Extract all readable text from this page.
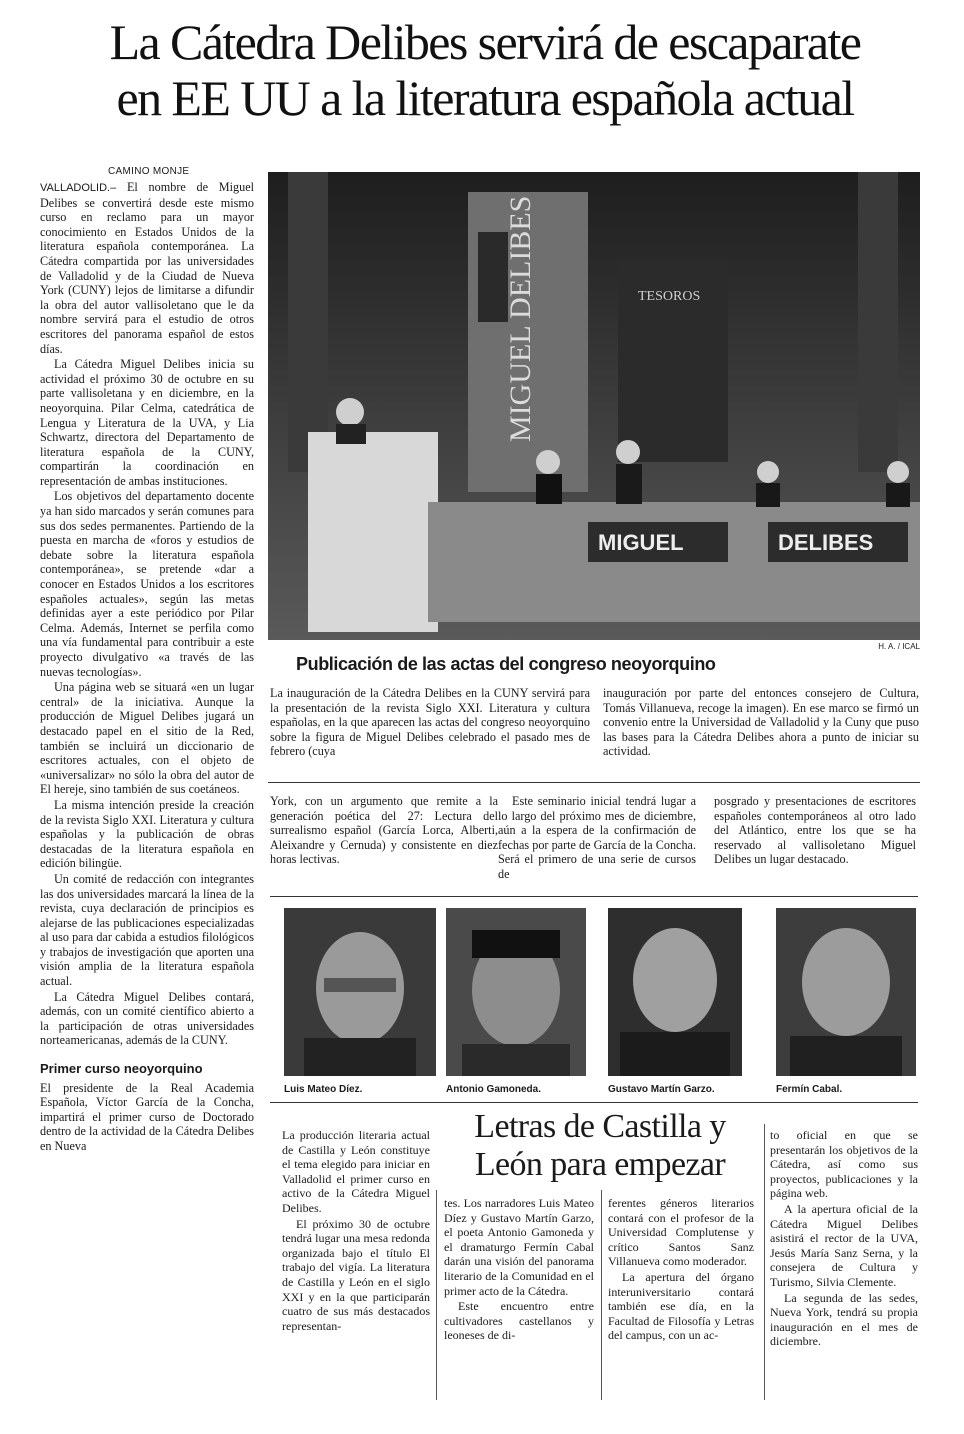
La Cátedra Delibes servirá de escaparate
en EE UU a la literatura española actual
CAMINO MONJE

VALLADOLID.– El nombre de Miguel Delibes se convertirá desde este mismo curso en reclamo para un mayor conocimiento en Estados Unidos de la literatura española contemporánea. La Cátedra compartida por las universidades de Valladolid y de la Ciudad de Nueva York (CUNY) lejos de limitarse a difundir la obra del autor vallisoletano que le da nombre servirá para el estudio de otros escritores del panorama español de estos días.

La Cátedra Miguel Delibes inicia su actividad el próximo 30 de octubre en su parte vallisoletana y en diciembre, en la neoyorquina. Pilar Celma, catedrática de Lengua y Literatura de la UVA, y Lia Schwartz, directora del Departamento de literatura española de la CUNY, compartirán la coordinación en representación de ambas instituciones.

Los objetivos del departamento docente ya han sido marcados y serán comunes para sus dos sedes permanentes. Partiendo de la puesta en marcha de «foros y estudios de debate sobre la literatura española contemporánea», se pretende «dar a conocer en Estados Unidos a los escritores españoles actuales», según las metas definidas ayer a este periódico por Pilar Celma. Además, Internet se perfila como una vía fundamental para contribuir a este proyecto divulgativo «a través de las nuevas tecnologías».

Una página web se situará «en un lugar central» de la iniciativa. Aunque la producción de Miguel Delibes jugará un destacado papel en el sitio de la Red, también se incluirá un diccionario de escritores actuales, con el objeto de «universalizar» no sólo la obra del autor de El hereje, sino también de sus coetáneos.

La misma intención preside la creación de la revista Siglo XXI. Literatura y cultura españolas y la publicación de obras destacadas de la literatura española en edición bilingüe.

Un comité de redacción con integrantes las dos universidades marcará la línea de la revista, cuya declaración de principios es alejarse de las publicaciones especializadas al uso para dar cabida a estudios filológicos y trabajos de investigación que aporten una visión amplia de la literatura española actual.

La Cátedra Miguel Delibes contará, además, con un comité científico abierto a la participación de otras universidades norteamericanas, además de la CUNY.

Primer curso neoyorquino

El presidente de la Real Academia Española, Víctor García de la Concha, impartirá el primer curso de Doctorado dentro de la actividad de la Cátedra Delibes en Nueva

TESOROS
MIGUEL DELIBES
MIGUEL	DELIBES
H. A. / ICAL
Publicación de las actas del congreso neoyorquino

La inauguración de la Cátedra Delibes en la CUNY servirá para la presentación de la revista Siglo XXI. Literatura y cultura españolas, en la que aparecen las actas del congreso neoyorquino sobre la figura de Miguel Delibes celebrado el pasado mes de febrero (cuya

inauguración por parte del entonces consejero de Cultura, Tomás Villanueva, recoge la imagen). En ese marco se firmó un convenio entre la Universidad de Valladolid y la Cuny que puso las bases para la Cátedra Delibes ahora a punto de iniciar su actividad.

York, con un argumento que remite a la generación poética del 27: Lectura del surrealismo español (García Lorca, Alberti, Aleixandre y Cernuda) y consistente en diez horas lectivas.

Este seminario inicial tendrá lugar a lo largo del próximo mes de diciembre, aún a la espera de la confirmación de fechas por parte de García de la Concha. Será el primero de una serie de cursos de

posgrado y presentaciones de escritores españoles contemporáneos al otro lado del Atlántico, entre los que se ha reservado al vallisoletano Miguel Delibes un lugar destacado.

Luis Mateo Díez.	Antonio Gamoneda.	Gustavo Martín Garzo.	Fermín Cabal.
Letras de Castilla y
León para empezar

La producción literaria actual de Castilla y León constituye el tema elegido para iniciar en Valladolid el primer curso en activo de la Cátedra Miguel Delibes.

El próximo 30 de octubre tendrá lugar una mesa redonda organizada bajo el título El trabajo del vigía. La literatura de Castilla y León en el siglo XXI y en la que participarán cuatro de sus más destacados representan-

tes. Los narradores Luis Mateo Díez y Gustavo Martín Garzo, el poeta Antonio Gamoneda y el dramaturgo Fermín Cabal darán una visión del panorama literario de la Comunidad en el primer acto de la Cátedra.

Este encuentro entre cultivadores castellanos y leoneses de di-

ferentes géneros literarios contará con el profesor de la Universidad Complutense y crítico Santos Sanz Villanueva como moderador.

La apertura del órgano interuniversitario contará también ese día, en la Facultad de Filosofía y Letras del campus, con un ac-

to oficial en que se presentarán los objetivos de la Cátedra, así como sus proyectos, publicaciones y la página web.

A la apertura oficial de la Cátedra Miguel Delibes asistirá el rector de la UVA, Jesús María Sanz Serna, y la consejera de Cultura y Turismo, Silvia Clemente.

La segunda de las sedes, Nueva York, tendrá su propia inauguración en el mes de diciembre.
